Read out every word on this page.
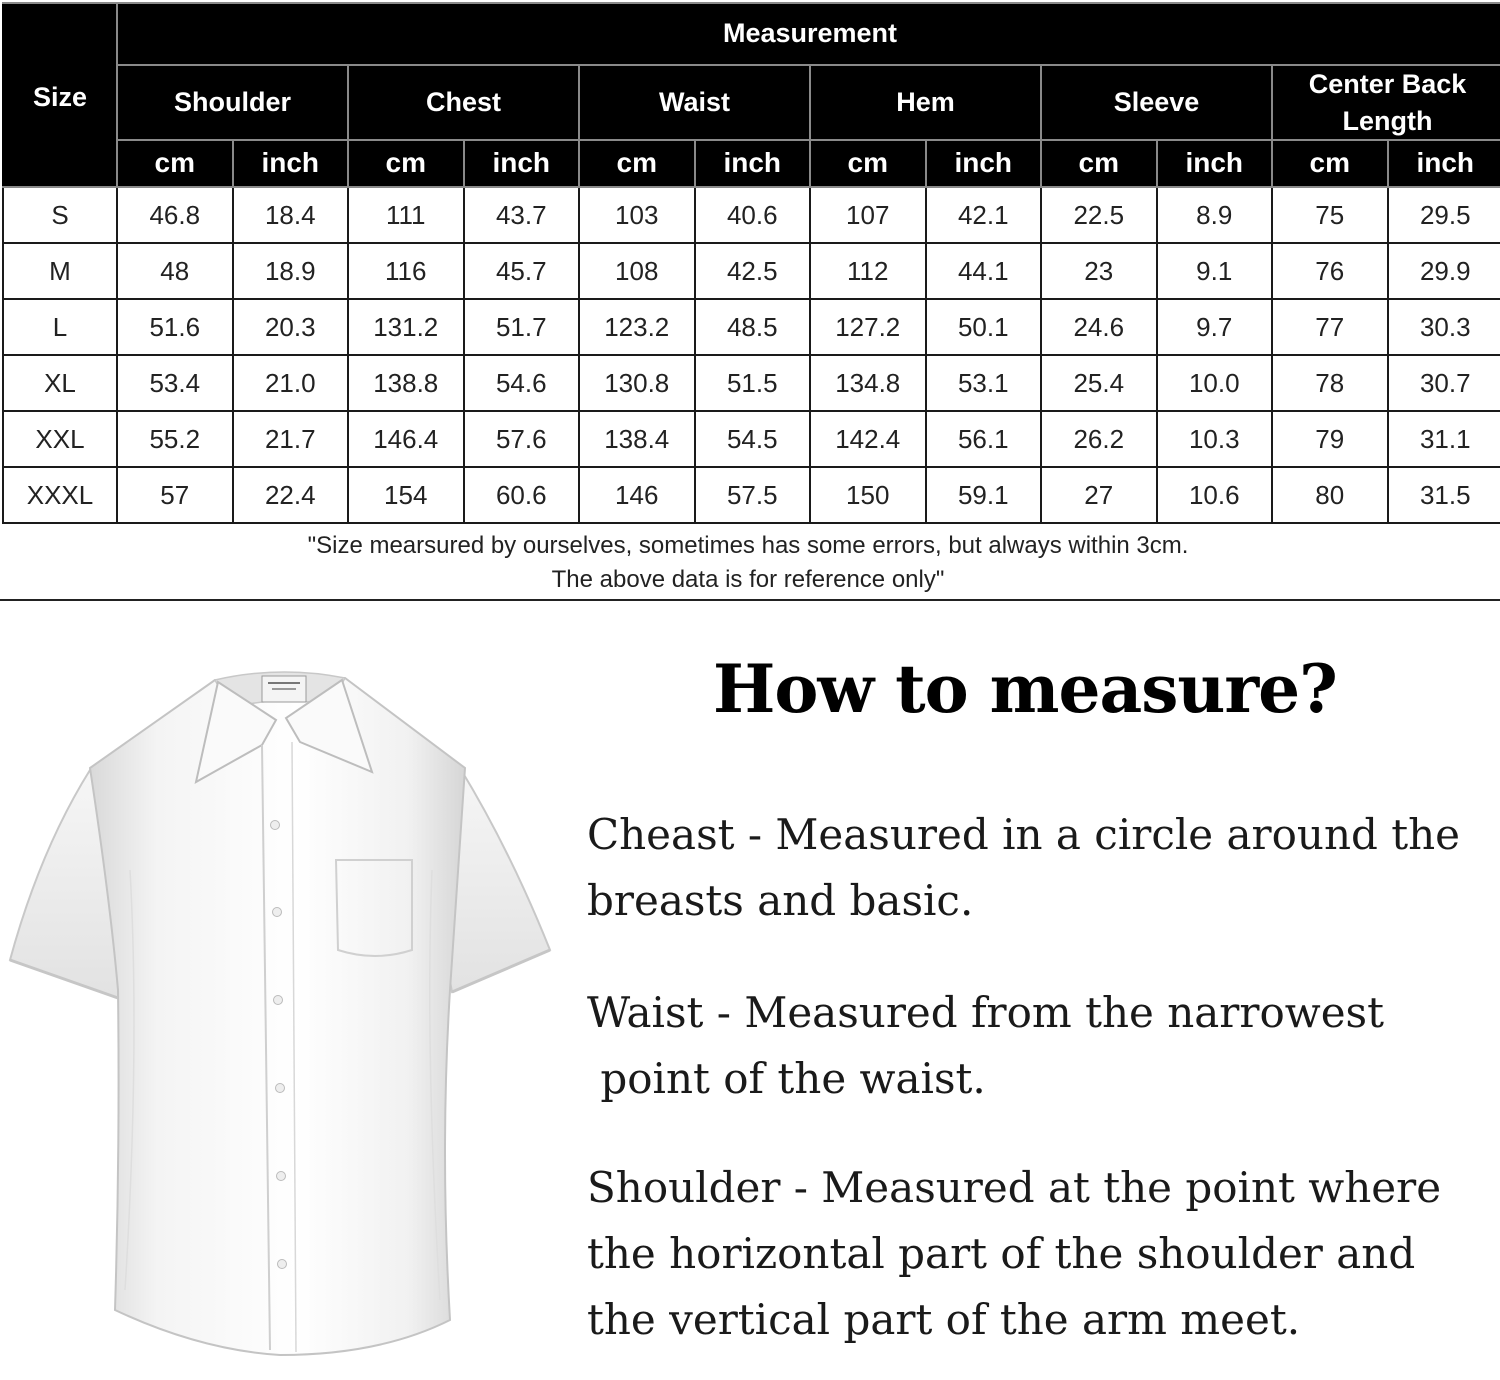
Size	Measurement											
	Shoulder		Chest		Waist		Hem		Sleeve		Center Back Length	
	cm	inch	cm	inch	cm	inch	cm	inch	cm	inch	cm	inch
S	46.8	18.4	111	43.7	103	40.6	107	42.1	22.5	8.9	75	29.5
M	48	18.9	116	45.7	108	42.5	112	44.1	23	9.1	76	29.9
L	51.6	20.3	131.2	51.7	123.2	48.5	127.2	50.1	24.6	9.7	77	30.3
XL	53.4	21.0	138.8	54.6	130.8	51.5	134.8	53.1	25.4	10.0	78	30.7
XXL	55.2	21.7	146.4	57.6	138.4	54.5	142.4	56.1	26.2	10.3	79	31.1
XXXL	57	22.4	154	60.6	146	57.5	150	59.1	27	10.6	80	31.5
"Size mearsured by ourselves, sometimes has some errors, but always within 3cm.
The above data is for reference only"
How to measure?
Cheast - Measured in a circle around the
breasts and basic.
Waist - Measured from the narrowest
point of the waist.
Shoulder - Measured at the point where
the horizontal part of the shoulder and
the vertical part of the arm meet.
